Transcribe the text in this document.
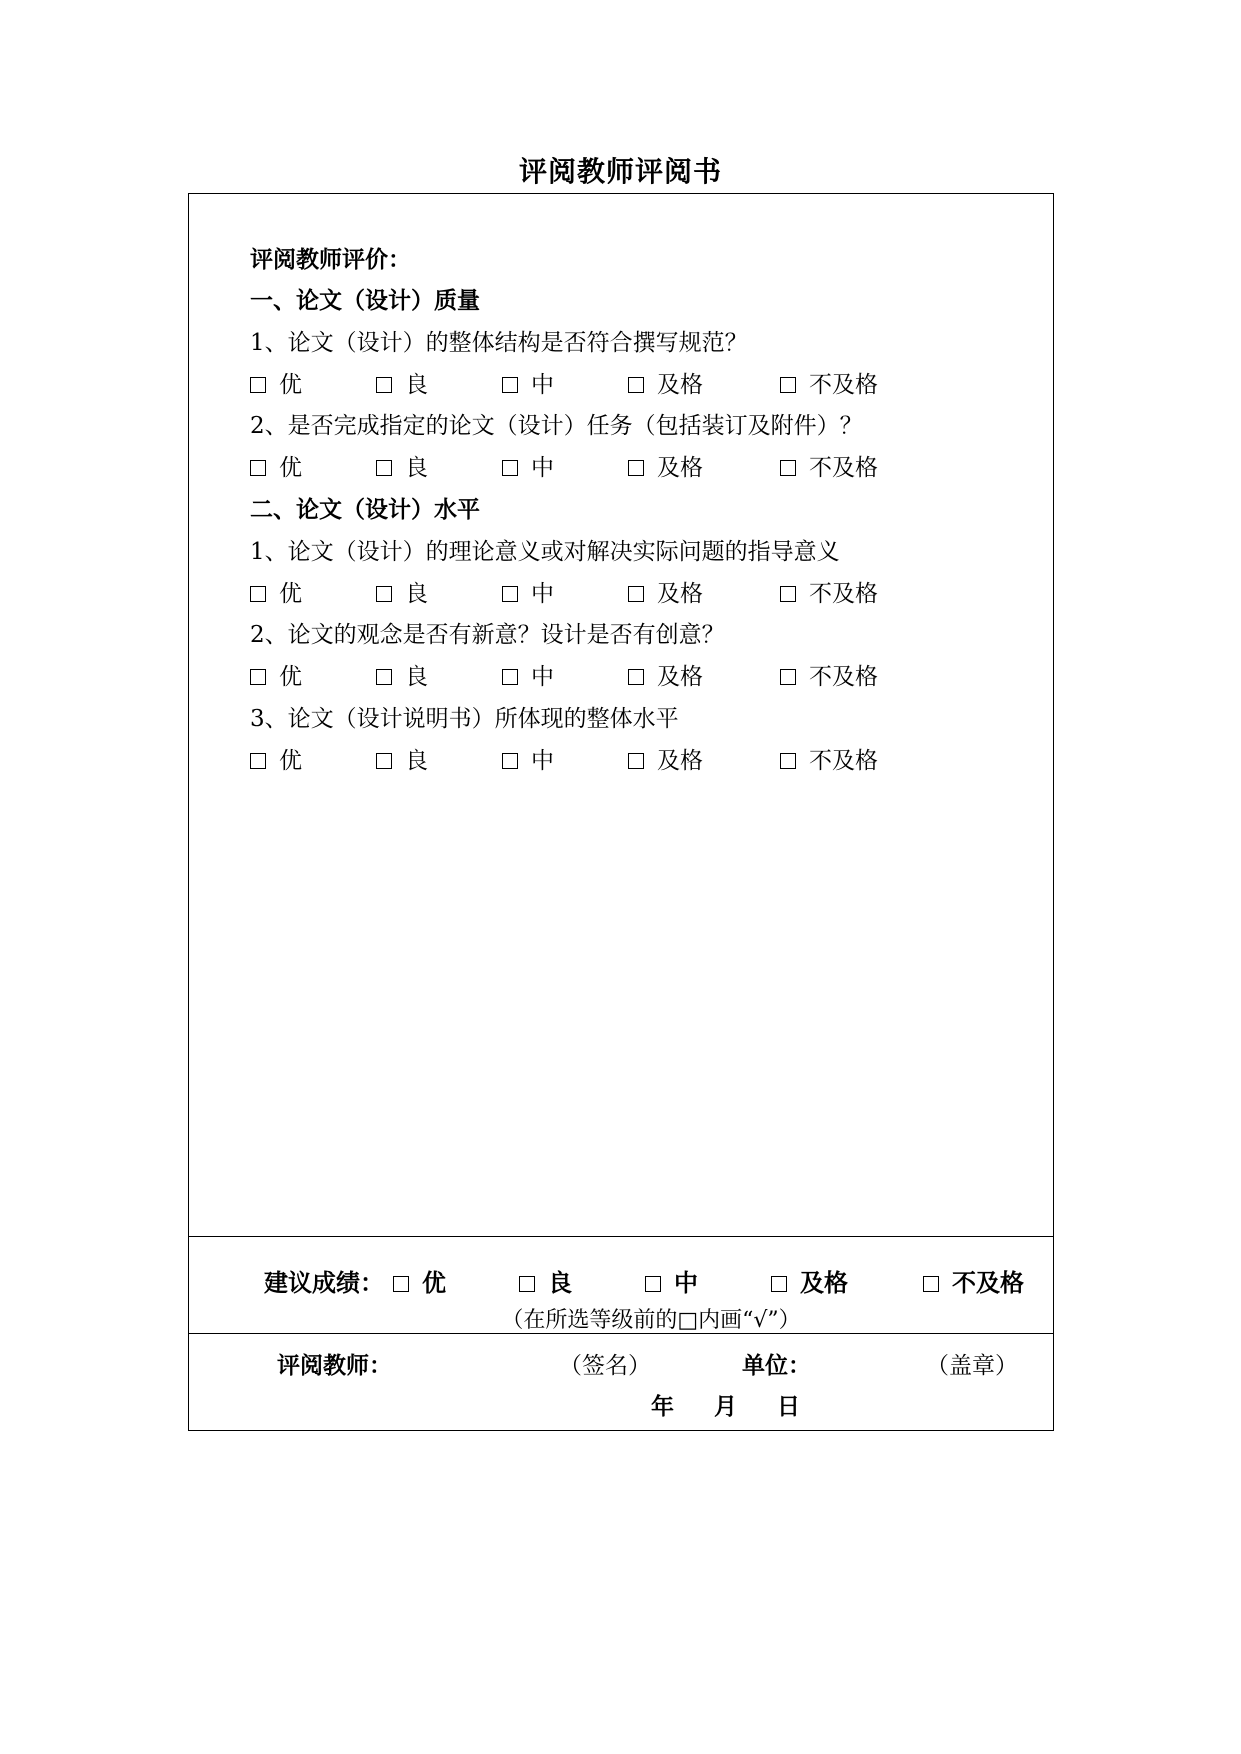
评阅教师评阅书
评阅教师评价：
一、论文（设计）质量
1、论文（设计）的整体结构是否符合撰写规范？
优	良	中	及格	不及格
2、是否完成指定的论文（设计）任务（包括装订及附件）？
优	良	中	及格	不及格
二、论文（设计）水平
1、论文（设计）的理论意义或对解决实际问题的指导意义
优	良	中	及格	不及格
2、论文的观念是否有新意？设计是否有创意？
优	良	中	及格	不及格
3、论文（设计说明书）所体现的整体水平
优	良	中	及格	不及格
建议成绩：	优	良	中	及格	不及格
（在所选等级前的□内画“√”）
评阅教师：	（签名）	单位：	（盖章）
年 月 日
